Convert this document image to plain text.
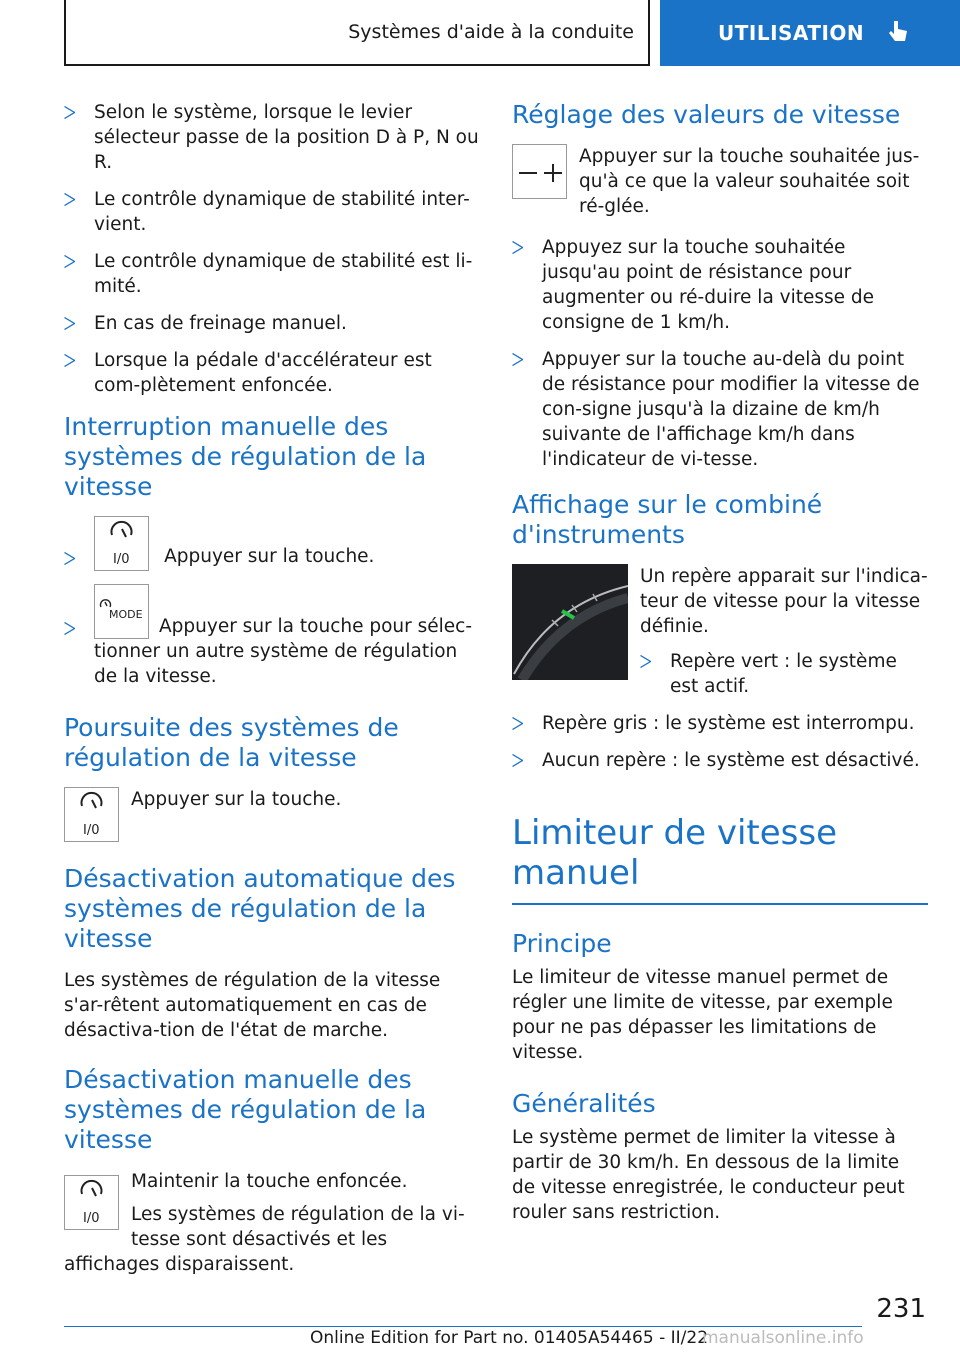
Systèmes d'aide à la conduite	UTILISATION
Selon le système, lorsque le levier sélecteur passe de la position D à P, N ou R.
Le contrôle dynamique de stabilité inter-vient.
Le contrôle dynamique de stabilité est li-mité.
En cas de freinage manuel.
Lorsque la pédale d'accélérateur est com-plètement enfoncée.
Interruption manuelle des systèmes de régulation de la vitesse
I/0 Appuyer sur la touche.
MODE

Appuyer sur la touche pour sélec-tionner un autre système de régulation de la vitesse.

Poursuite des systèmes de régulation de la vitesse
I/0

Appuyer sur la touche.

Désactivation automatique des systèmes de régulation de la vitesse

Les systèmes de régulation de la vitesse s'ar-rêtent automatiquement en cas de désactiva-tion de l'état de marche.

Désactivation manuelle des systèmes de régulation de la vitesse
I/0

Maintenir la touche enfoncée.

Les systèmes de régulation de la vi-tesse sont désactivés et les affichages disparaissent.

Réglage des valeurs de vitesse

Appuyer sur la touche souhaitée jus-qu'à ce que la valeur souhaitée soit ré-glée.

Appuyez sur la touche souhaitée jusqu'au point de résistance pour augmenter ou ré-duire la vitesse de consigne de 1 km/h.
Appuyer sur la touche au-delà du point de résistance pour modifier la vitesse de con-signe jusqu'à la dizaine de km/h suivante de l'affichage km/h dans l'indicateur de vi-tesse.
Affichage sur le combiné d'instruments

Un repère apparait sur l'indica-teur de vitesse pour la vitesse définie.

Repère vert : le système est actif.
Repère gris : le système est interrompu.
Aucun repère : le système est désactivé.
Limiteur de vitesse manuel
Principe

Le limiteur de vitesse manuel permet de régler une limite de vitesse, par exemple pour ne pas dépasser les limitations de vitesse.

Généralités

Le système permet de limiter la vitesse à partir de 30 km/h. En dessous de la limite de vitesse enregistrée, le conducteur peut rouler sans restriction.

231
Online Edition for Part no. 01405A54465 - II/22
manualsonline.info
